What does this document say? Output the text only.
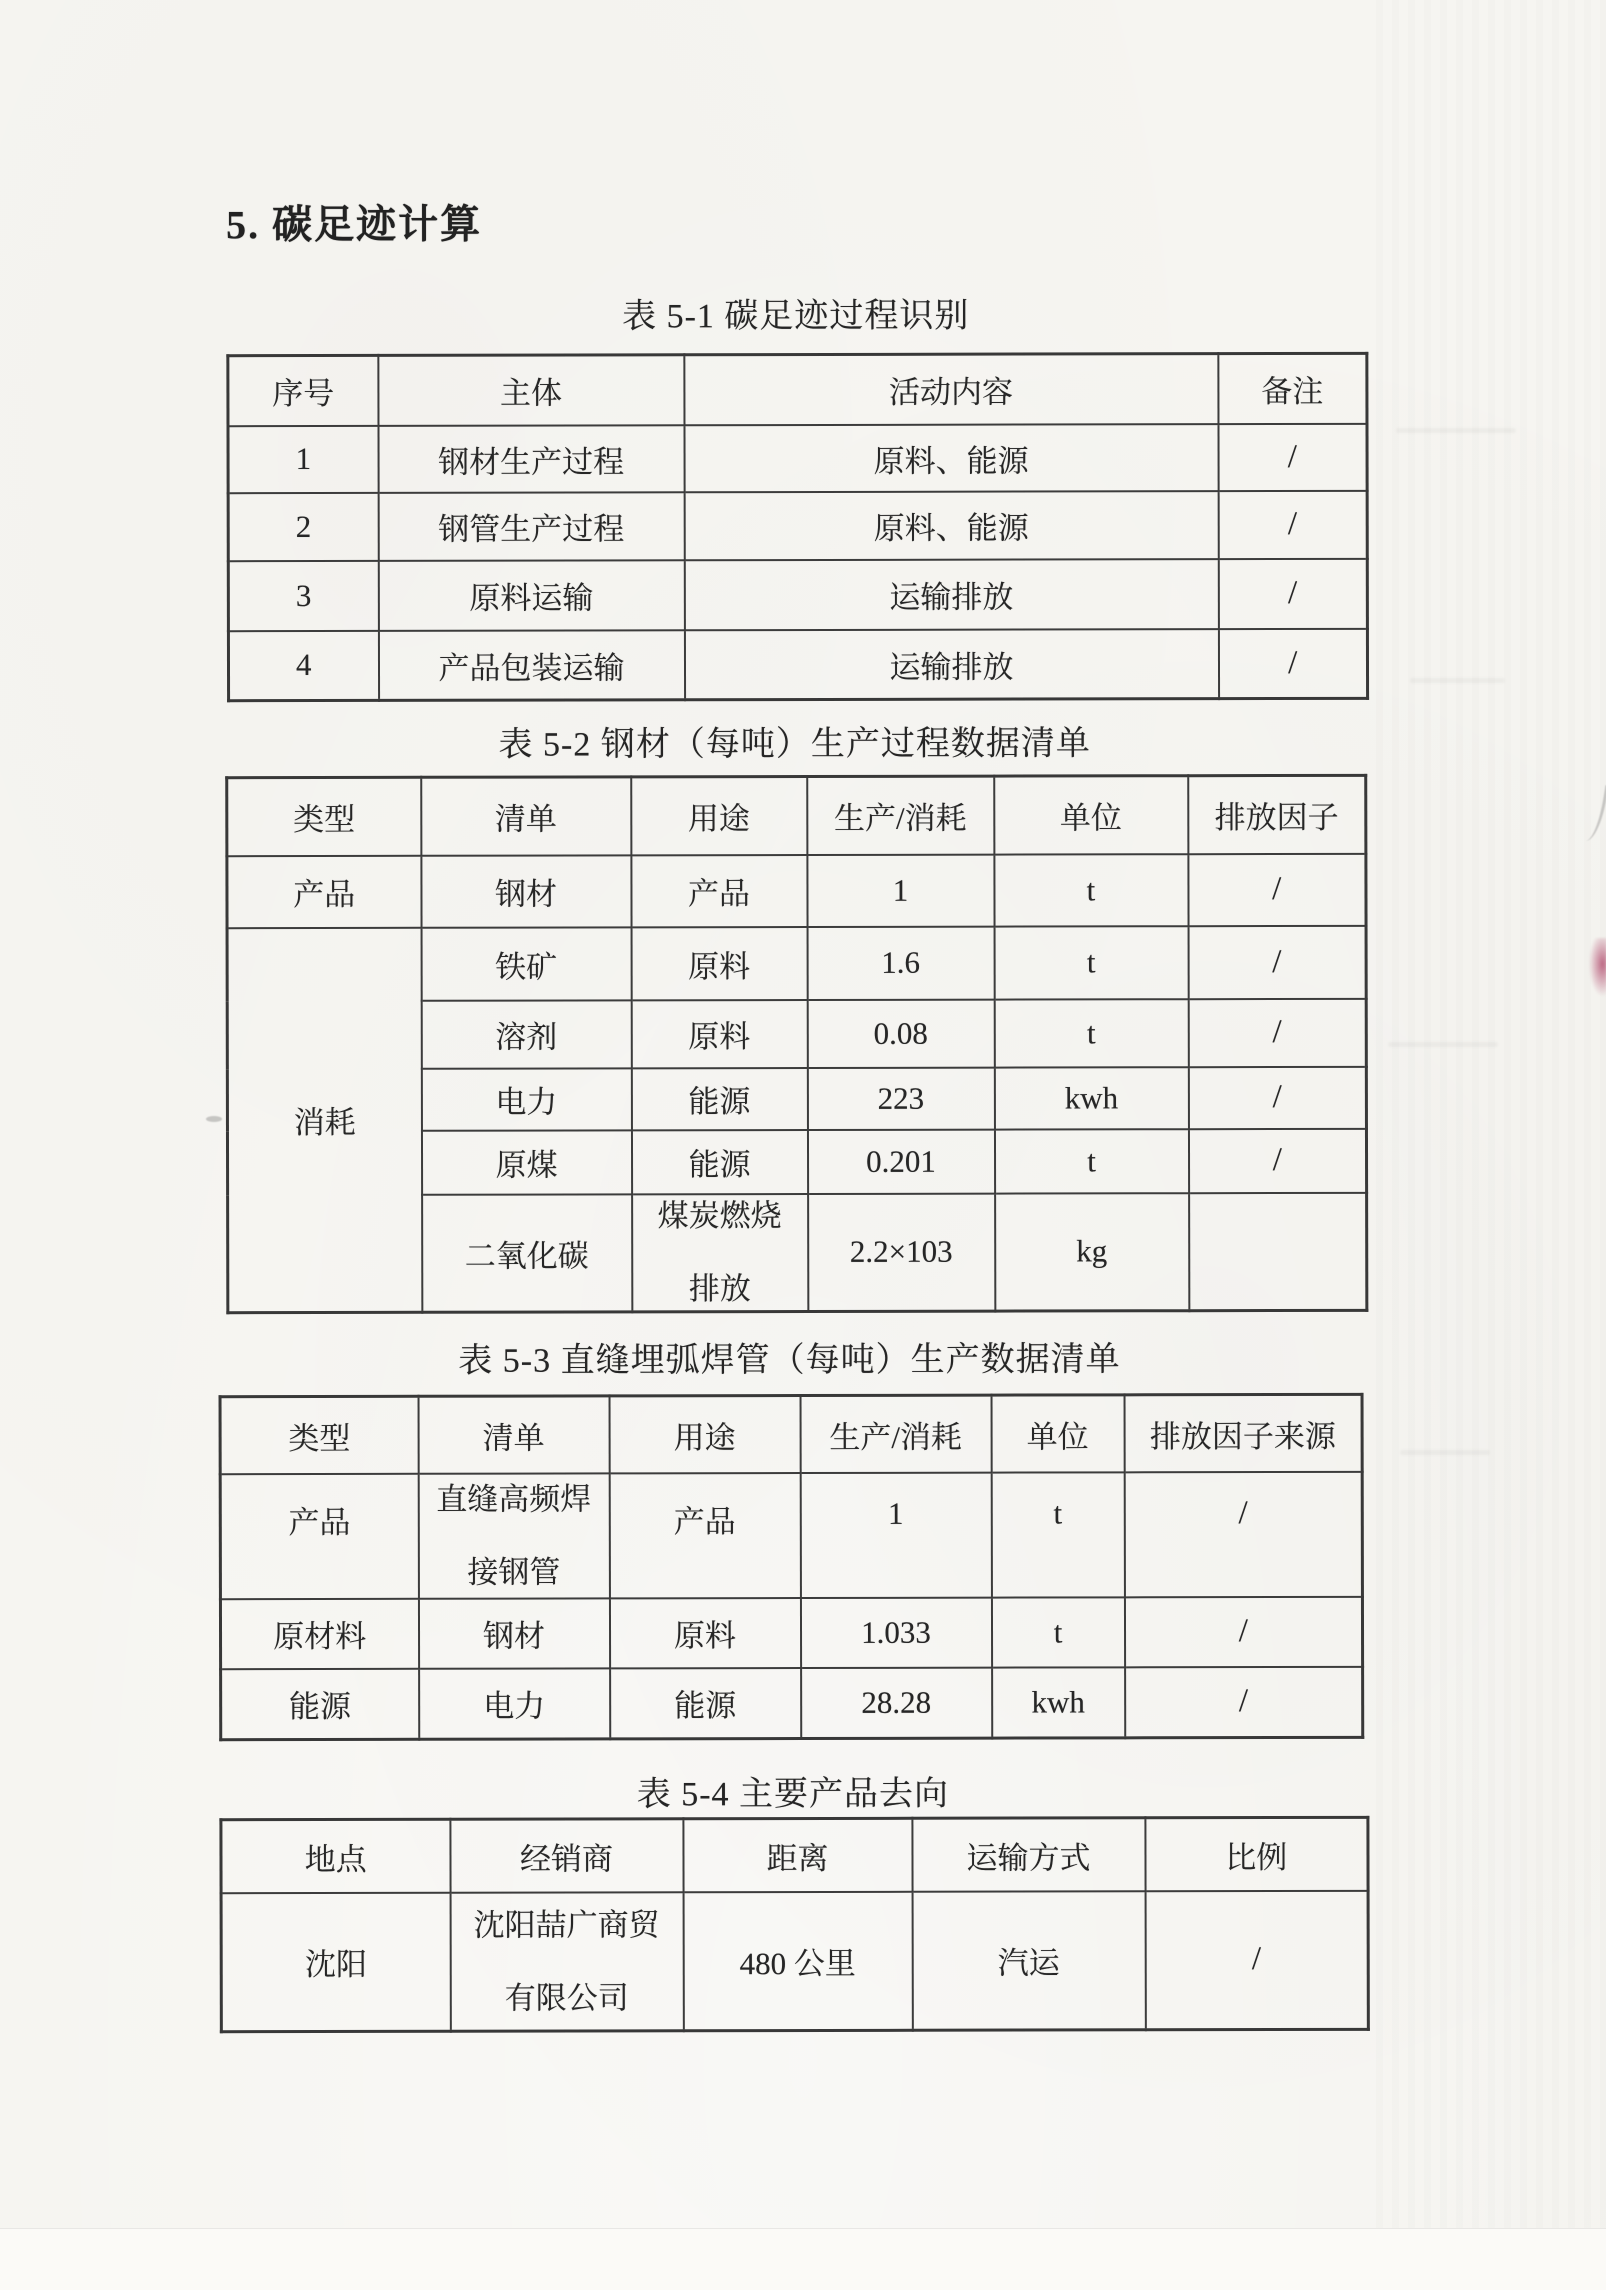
5. 碳足迹计算
表 5-1 碳足迹过程识别
序号	主体	活动内容	备注
1	钢材生产过程	原料、能源	/
2	钢管生产过程	原料、能源	/
3	原料运输	运输排放	/
4	产品包装运输	运输排放	/
表 5-2 钢材（每吨）生产过程数据清单
类型	清单	用途	生产/消耗	单位	排放因子
产品	钢材	产品	1	t	/
消耗	铁矿	原料	1.6	t	/
	溶剂	原料	0.08	t	/
	电力	能源	223	kwh	/
	原煤	能源	0.201	t	/
	二氧化碳	煤炭燃烧
排放	2.2×103	kg	
表 5-3 直缝埋弧焊管（每吨）生产数据清单
类型	清单	用途	生产/消耗	单位	排放因子来源
产品	直缝高频焊
接钢管	产品	1	t	/
原材料	钢材	原料	1.033	t	/
能源	电力	能源	28.28	kwh	/
表 5-4 主要产品去向
地点	经销商	距离	运输方式	比例
沈阳	沈阳喆广商贸
有限公司	480 公里	汽运	/
